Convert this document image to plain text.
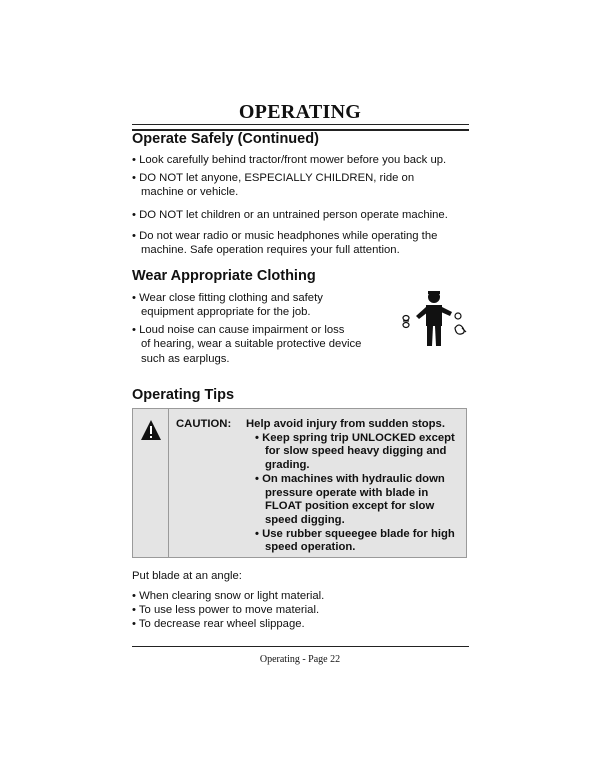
OPERATING
Operate Safely (Continued)
• Look carefully behind tractor/front mower before you back up.
• DO NOT let anyone, ESPECIALLY CHILDREN, ride on
machine or vehicle.
• DO NOT let children or an untrained person operate machine.
• Do not wear radio or music headphones while operating the
machine. Safe operation requires your full attention.
Wear Appropriate Clothing
• Wear close fitting clothing and safety
equipment appropriate for the job.
• Loud noise can cause impairment or loss
of hearing, wear a suitable protective device
such as earplugs.
Operating Tips
CAUTION: Help avoid injury from sudden stops.
• Keep spring trip UNLOCKED except
for slow speed heavy digging and
grading.
• On machines with hydraulic down
pressure operate with blade in
FLOAT position except for slow
speed digging.
• Use rubber squeegee blade for high
speed operation.
Put blade at an angle:
• When clearing snow or light material.
• To use less power to move material.
• To decrease rear wheel slippage.
Operating - Page 22
